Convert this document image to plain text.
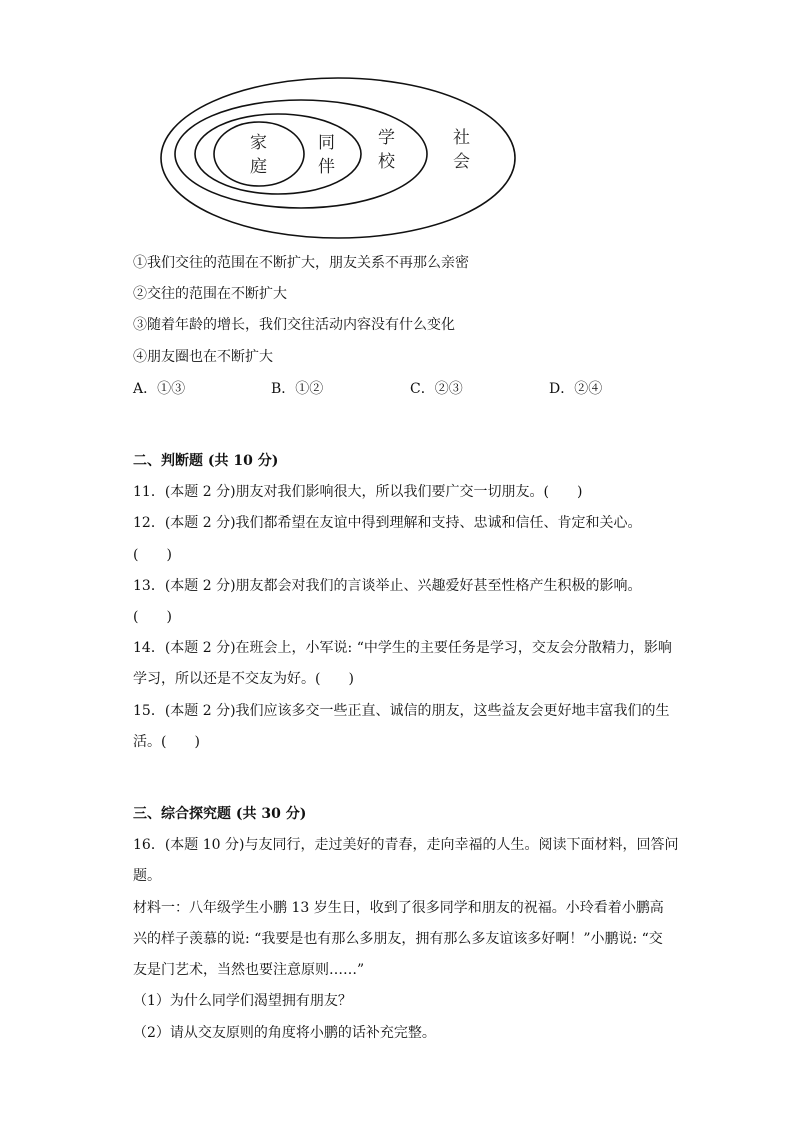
家
庭
同
伴
学
校
社
会
①我们交往的范围在不断扩大，朋友关系不再那么亲密
②交往的范围在不断扩大
③随着年龄的增长，我们交往活动内容没有什么变化
④朋友圈也在不断扩大
A．①③	B．①②	C．②③	D．②④
二、判断题 (共 10 分)
11．(本题 2 分)朋友对我们影响很大，所以我们要广交一切朋友。(　　)
12．(本题 2 分)我们都希望在友谊中得到理解和支持、忠诚和信任、肯定和关心。
(　　)
13．(本题 2 分)朋友都会对我们的言谈举止、兴趣爱好甚至性格产生积极的影响。
(　　)
14．(本题 2 分)在班会上，小军说: “中学生的主要任务是学习，交友会分散精力，影响
学习，所以还是不交友为好。(　　)
15．(本题 2 分)我们应该多交一些正直、诚信的朋友，这些益友会更好地丰富我们的生
活。(　　)
三、综合探究题 (共 30 分)
16．(本题 10 分)与友同行，走过美好的青春，走向幸福的人生。阅读下面材料，回答问
题。
材料一：八年级学生小鹏 13 岁生日，收到了很多同学和朋友的祝福。小玲看着小鹏高
兴的样子羡慕的说: “我要是也有那么多朋友，拥有那么多友谊该多好啊！”小鹏说: “交
友是门艺术，当然也要注意原则……”
（1）为什么同学们渴望拥有朋友？
（2）请从交友原则的角度将小鹏的话补充完整。
